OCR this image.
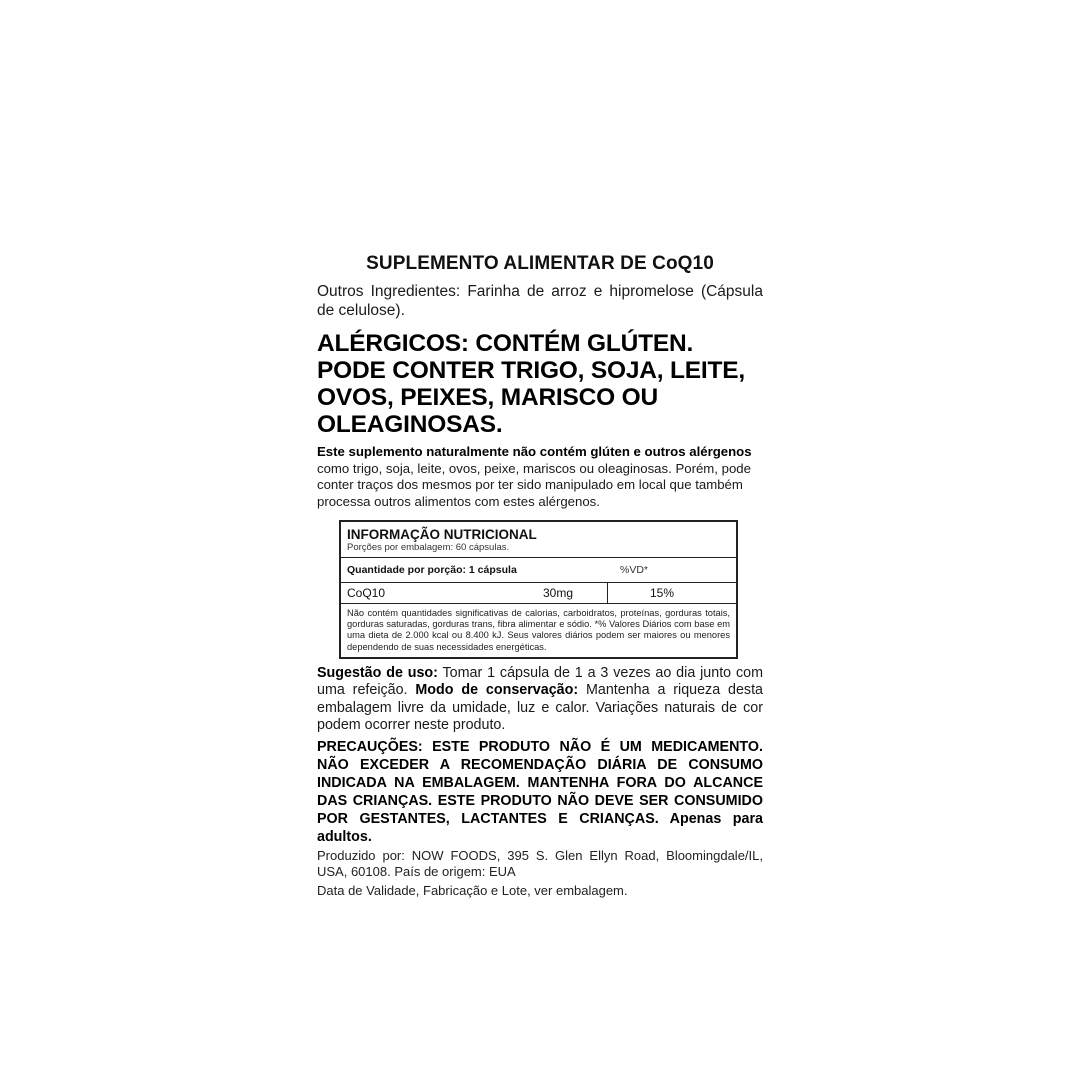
SUPLEMENTO ALIMENTAR DE CoQ10

Outros Ingredientes: Farinha de arroz e hipromelose (Cápsula de celulose).

ALÉRGICOS: CONTÉM GLÚTEN. PODE CONTER TRIGO, SOJA, LEITE, OVOS, PEIXES, MARISCO OU OLEAGINOSAS.

Este suplemento naturalmente não contém glúten e outros alérgenos como trigo, soja, leite, ovos, peixe, mariscos ou oleaginosas. Porém, pode conter traços dos mesmos por ter sido manipulado em local que também processa outros alimentos com estes alérgenos.

INFORMAÇÃO NUTRICIONAL
Porções por embalagem: 60 cápsulas.
Quantidade por porção: 1 cápsula	%VD*
CoQ10	30mg	15%
Não contém quantidades significativas de calorias, carboidratos, proteínas, gorduras totais, gorduras saturadas, gorduras trans, fibra alimentar e sódio. *% Valores Diários com base em uma dieta de 2.000 kcal ou 8.400 kJ. Seus valores diários podem ser maiores ou menores dependendo de suas necessidades energéticas.

Sugestão de uso: Tomar 1 cápsula de 1 a 3 vezes ao dia junto com uma refeição. Modo de conservação: Mantenha a riqueza desta embalagem livre da umidade, luz e calor. Variações naturais de cor podem ocorrer neste produto.

PRECAUÇÕES: ESTE PRODUTO NÃO É UM MEDICAMENTO. NÃO EXCEDER A RECOMENDAÇÃO DIÁRIA DE CONSUMO INDICADA NA EMBALAGEM. MANTENHA FORA DO ALCANCE DAS CRIANÇAS. ESTE PRODUTO NÃO DEVE SER CONSUMIDO POR GESTANTES, LACTANTES E CRIANÇAS. Apenas para adultos.

Produzido por: NOW FOODS, 395 S. Glen Ellyn Road, Bloomingdale/IL, USA, 60108. País de origem: EUA

Data de Validade, Fabricação e Lote, ver embalagem.
